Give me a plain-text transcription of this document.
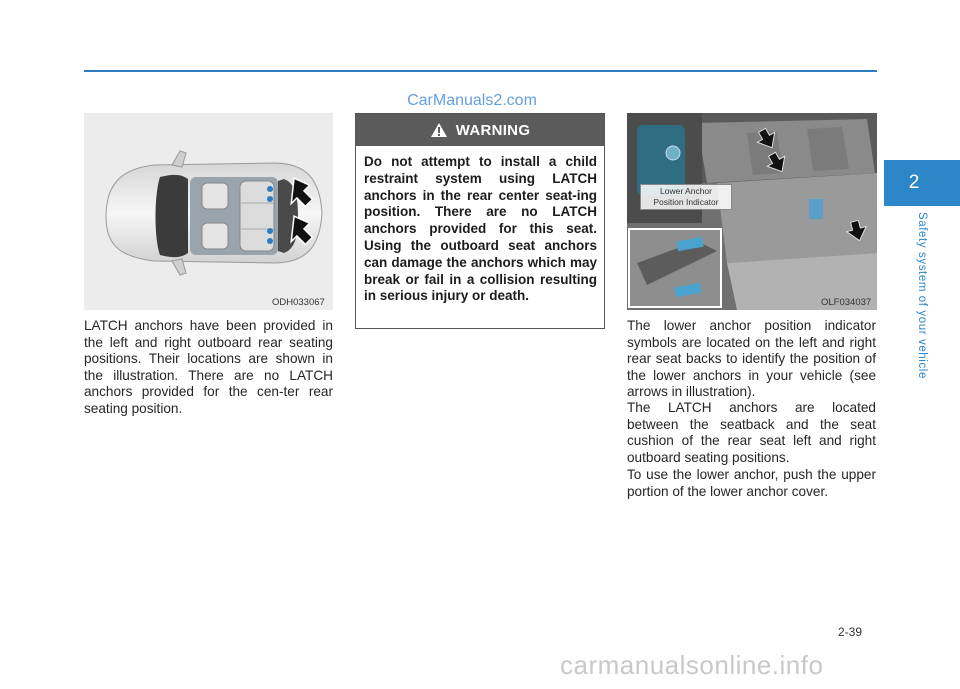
CarManuals2.com
ODH033067

LATCH anchors have been provided in the left and right outboard rear seating positions. Their locations are shown in the illustration. There are no LATCH anchors provided for the cen-ter rear seating position.

WARNING

Do not attempt to install a child restraint system using LATCH anchors in the rear center seat-ing position. There are no LATCH anchors provided for this seat. Using the outboard seat anchors can damage the anchors which may break or fail in a collision resulting in serious injury or death.

Lower Anchor
Position Indicator
OLF034037

The lower anchor position indicator symbols are located on the left and right rear seat backs to identify the position of the lower anchors in your vehicle (see arrows in illustration).

The LATCH anchors are located between the seatback and the seat cushion of the rear seat left and right outboard seating positions.

To use the lower anchor, push the upper portion of the lower anchor cover.

2
Safety system of your vehicle
2-39
carmanualsonline.info
